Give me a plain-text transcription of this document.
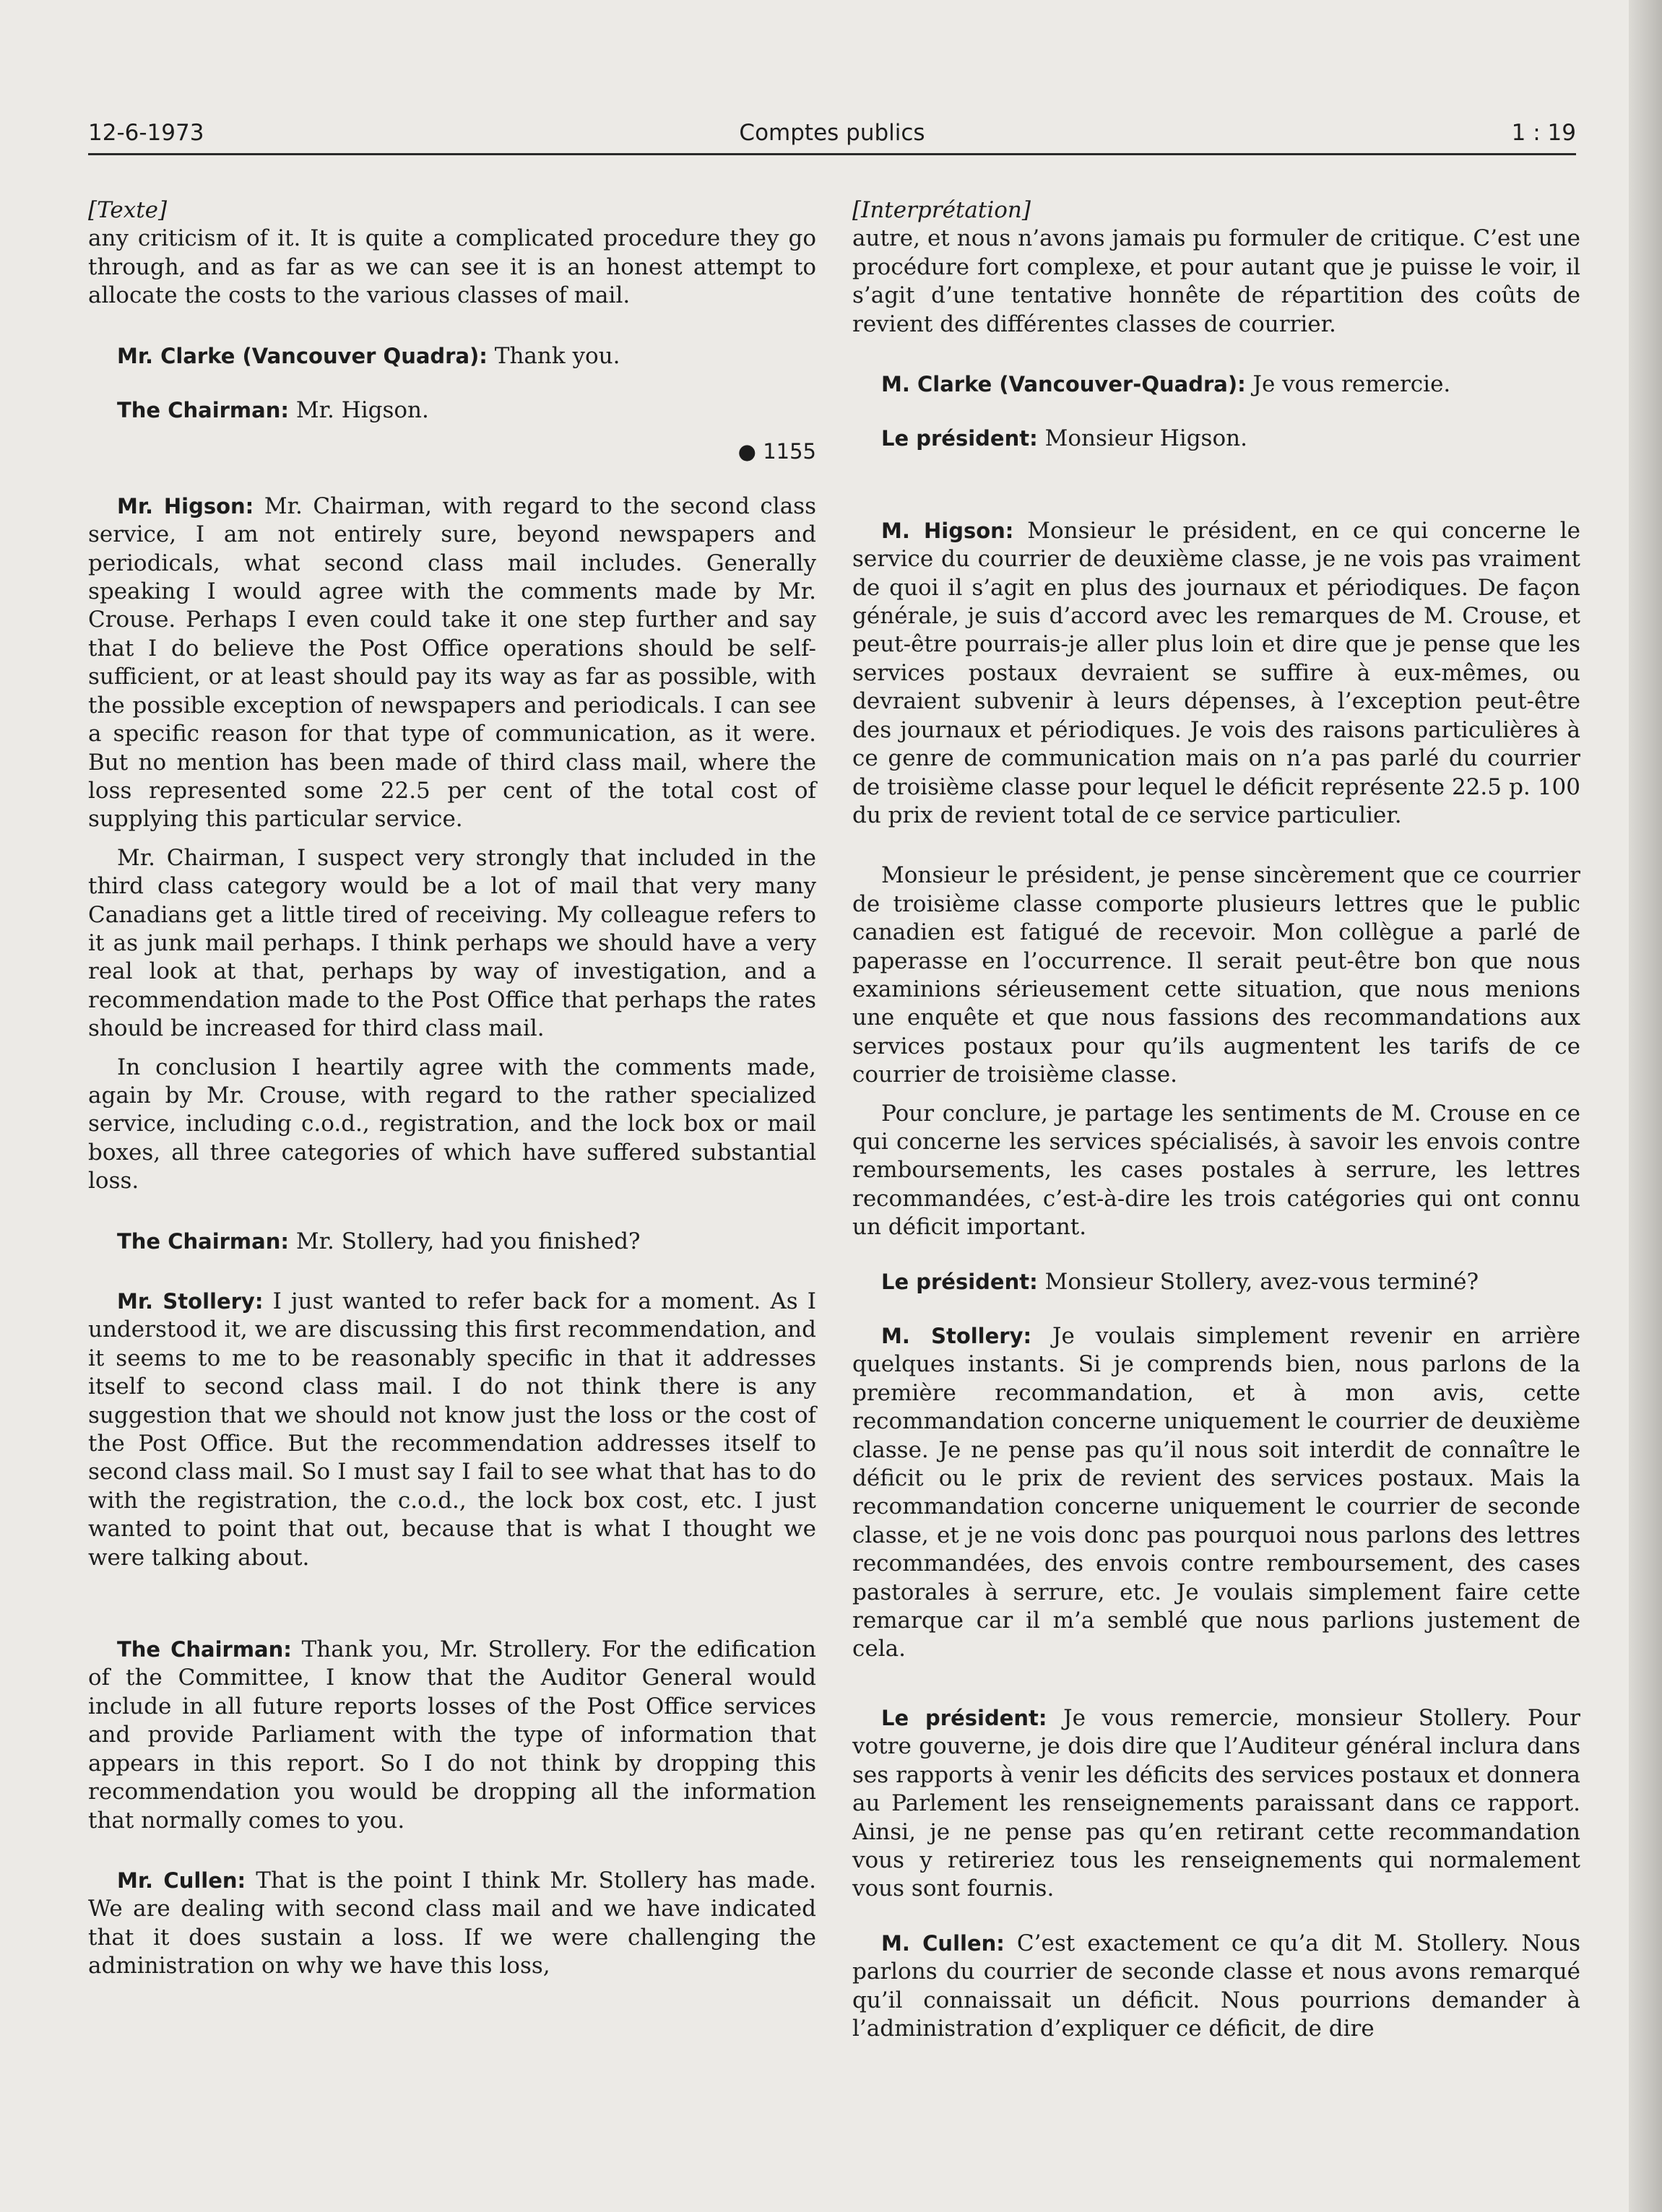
12-6-1973	Comptes publics	1 : 19

[Texte]

any criticism of it. It is quite a complicated procedure they go through, and as far as we can see it is an honest attempt to allocate the costs to the various classes of mail.

Mr. Clarke (Vancouver Quadra): Thank you.

The Chairman: Mr. Higson.

● 1155

Mr. Higson: Mr. Chairman, with regard to the second class service, I am not entirely sure, beyond newspapers and periodicals, what second class mail includes. Generally speaking I would agree with the comments made by Mr. Crouse. Perhaps I even could take it one step further and say that I do believe the Post Office operations should be self-sufficient, or at least should pay its way as far as possible, with the possible exception of newspapers and periodicals. I can see a specific reason for that type of communication, as it were. But no mention has been made of third class mail, where the loss represented some 22.5 per cent of the total cost of supplying this particular service.

Mr. Chairman, I suspect very strongly that included in the third class category would be a lot of mail that very many Canadians get a little tired of receiving. My colleague refers to it as junk mail perhaps. I think perhaps we should have a very real look at that, perhaps by way of investigation, and a recommendation made to the Post Office that perhaps the rates should be increased for third class mail.

In conclusion I heartily agree with the comments made, again by Mr. Crouse, with regard to the rather specialized service, including c.o.d., registration, and the lock box or mail boxes, all three categories of which have suffered substantial loss.

The Chairman: Mr. Stollery, had you finished?

Mr. Stollery: I just wanted to refer back for a moment. As I understood it, we are discussing this first recommendation, and it seems to me to be reasonably specific in that it addresses itself to second class mail. I do not think there is any suggestion that we should not know just the loss or the cost of the Post Office. But the recommendation addresses itself to second class mail. So I must say I fail to see what that has to do with the registration, the c.o.d., the lock box cost, etc. I just wanted to point that out, because that is what I thought we were talking about.

The Chairman: Thank you, Mr. Strollery. For the edification of the Committee, I know that the Auditor General would include in all future reports losses of the Post Office services and provide Parliament with the type of information that appears in this report. So I do not think by dropping this recommendation you would be dropping all the information that normally comes to you.

Mr. Cullen: That is the point I think Mr. Stollery has made. We are dealing with second class mail and we have indicated that it does sustain a loss. If we were challenging the administration on why we have this loss,

[Interprétation]

autre, et nous n’avons jamais pu formuler de critique. C’est une procédure fort complexe, et pour autant que je puisse le voir, il s’agit d’une tentative honnête de répartition des coûts de revient des différentes classes de courrier.

M. Clarke (Vancouver-Quadra): Je vous remercie.

Le président: Monsieur Higson.

M. Higson: Monsieur le président, en ce qui concerne le service du courrier de deuxième classe, je ne vois pas vraiment de quoi il s’agit en plus des journaux et périodiques. De façon générale, je suis d’accord avec les remarques de M. Crouse, et peut-être pourrais-je aller plus loin et dire que je pense que les services postaux devraient se suffire à eux-mêmes, ou devraient subvenir à leurs dépenses, à l’exception peut-être des journaux et périodiques. Je vois des raisons particulières à ce genre de communication mais on n’a pas parlé du courrier de troisième classe pour lequel le déficit représente 22.5 p. 100 du prix de revient total de ce service particulier.

Monsieur le président, je pense sincèrement que ce courrier de troisième classe comporte plusieurs lettres que le public canadien est fatigué de recevoir. Mon collègue a parlé de paperasse en l’occurrence. Il serait peut-être bon que nous examinions sérieusement cette situation, que nous menions une enquête et que nous fassions des recommandations aux services postaux pour qu’ils augmentent les tarifs de ce courrier de troisième classe.

Pour conclure, je partage les sentiments de M. Crouse en ce qui concerne les services spécialisés, à savoir les envois contre remboursements, les cases postales à serrure, les lettres recommandées, c’est-à-dire les trois catégories qui ont connu un déficit important.

Le président: Monsieur Stollery, avez-vous terminé?

M. Stollery: Je voulais simplement revenir en arrière quelques instants. Si je comprends bien, nous parlons de la première recommandation, et à mon avis, cette recommandation concerne uniquement le courrier de deuxième classe. Je ne pense pas qu’il nous soit interdit de connaître le déficit ou le prix de revient des services postaux. Mais la recommandation concerne uniquement le courrier de seconde classe, et je ne vois donc pas pourquoi nous parlons des lettres recommandées, des envois contre remboursement, des cases pastorales à serrure, etc. Je voulais simplement faire cette remarque car il m’a semblé que nous parlions justement de cela.

Le président: Je vous remercie, monsieur Stollery. Pour votre gouverne, je dois dire que l’Auditeur général inclura dans ses rapports à venir les déficits des services postaux et donnera au Parlement les renseignements paraissant dans ce rapport. Ainsi, je ne pense pas qu’en retirant cette recommandation vous y retireriez tous les renseignements qui normalement vous sont fournis.

M. Cullen: C’est exactement ce qu’a dit M. Stollery. Nous parlons du courrier de seconde classe et nous avons remarqué qu’il connaissait un déficit. Nous pourrions demander à l’administration d’expliquer ce déficit, de dire
